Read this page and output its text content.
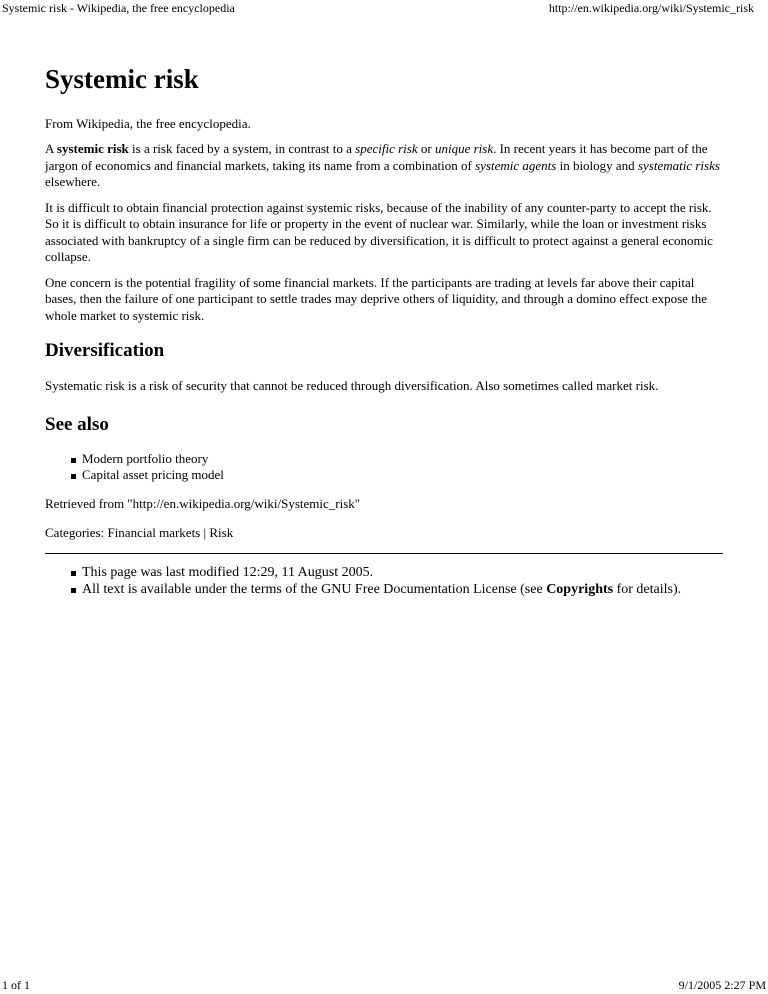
Systemic risk - Wikipedia, the free encyclopedia	http://en.wikipedia.org/wiki/Systemic_risk
Systemic risk
From Wikipedia, the free encyclopedia.

A systemic risk is a risk faced by a system, in contrast to a specific risk or unique risk. In recent years it has become part of the jargon of economics and financial markets, taking its name from a combination of systemic agents in biology and systematic risks elsewhere.

It is difficult to obtain financial protection against systemic risks, because of the inability of any counter-party to accept the risk. So it is difficult to obtain insurance for life or property in the event of nuclear war. Similarly, while the loan or investment risks associated with bankruptcy of a single firm can be reduced by diversification, it is difficult to protect against a general economic collapse.

One concern is the potential fragility of some financial markets. If the participants are trading at levels far above their capital bases, then the failure of one participant to settle trades may deprive others of liquidity, and through a domino effect expose the whole market to systemic risk.

Diversification

Systematic risk is a risk of security that cannot be reduced through diversification. Also sometimes called market risk.

See also
Modern portfolio theory
Capital asset pricing model
Retrieved from "http://en.wikipedia.org/wiki/Systemic_risk"
Categories: Financial markets | Risk
This page was last modified 12:29, 11 August 2005.
All text is available under the terms of the GNU Free Documentation License (see Copyrights for details).
1 of 1	9/1/2005 2:27 PM
